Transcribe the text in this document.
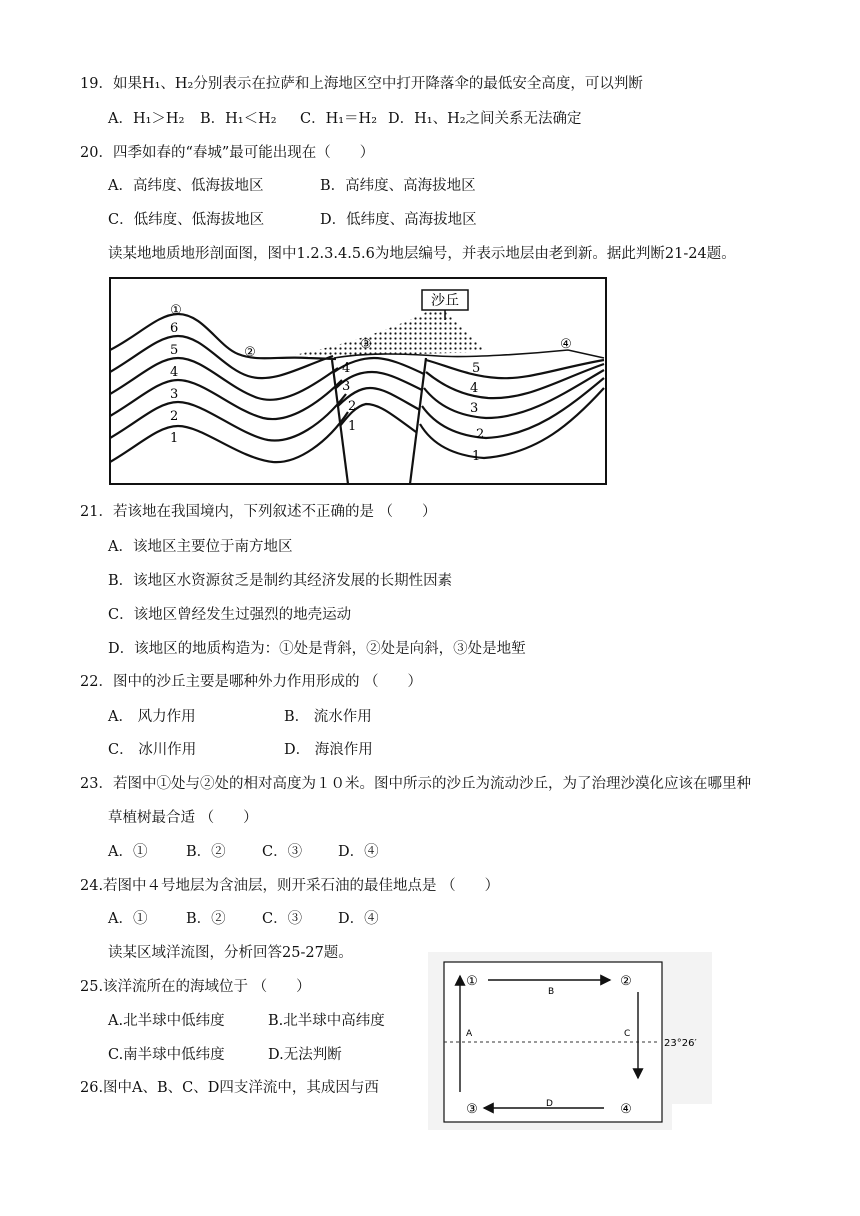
19．如果H₁、H₂分别表示在拉萨和上海地区空中打开降落伞的最低安全高度，可以判断
A．H₁＞H₂ B．H₁＜H₂ C．H₁＝H₂ D．H₁、H₂之间关系无法确定
20．四季如春的“春城”最可能出现在（　　）
A．高纬度、低海拔地区	B．高纬度、高海拔地区
C．低纬度、低海拔地区	D．低纬度、高海拔地区
读某地地质地形剖面图，图中1.2.3.4.5.6为地层编号，并表示地层由老到新。据此判断21-24题。
沙丘
①
②
③	④
6
5
4
3
2
1
4
3
2
1
5
4
3
2
1
21．若该地在我国境内，下列叙述不正确的是 （　　）
A．该地区主要位于南方地区
B．该地区水资源贫乏是制约其经济发展的长期性因素
C．该地区曾经发生过强烈的地壳运动
D．该地区的地质构造为：①处是背斜，②处是向斜，③处是地堑
22．图中的沙丘主要是哪种外力作用形成的 （　　）
A． 风力作用	B． 流水作用
C． 冰川作用	D． 海浪作用
23．若图中①处与②处的相对高度为１０米。图中所示的沙丘为流动沙丘，为了治理沙漠化应该在哪里种
草植树最合适 （　　）
A．①	B．②	C．③ D．④
24.若图中４号地层为含油层，则开采石油的最佳地点是 （　　）
A．①	B．②	C．③ D．④
读某区域洋流图，分析回答25-27题。
25.该洋流所在的海域位于 （　　）
A.北半球中低纬度	B.北半球中高纬度
C.南半球中低纬度	D.无法判断
26.图中A、B、C、D四支洋流中，其成因与西
①	②
③	④
B
C
A
D
23°26′
